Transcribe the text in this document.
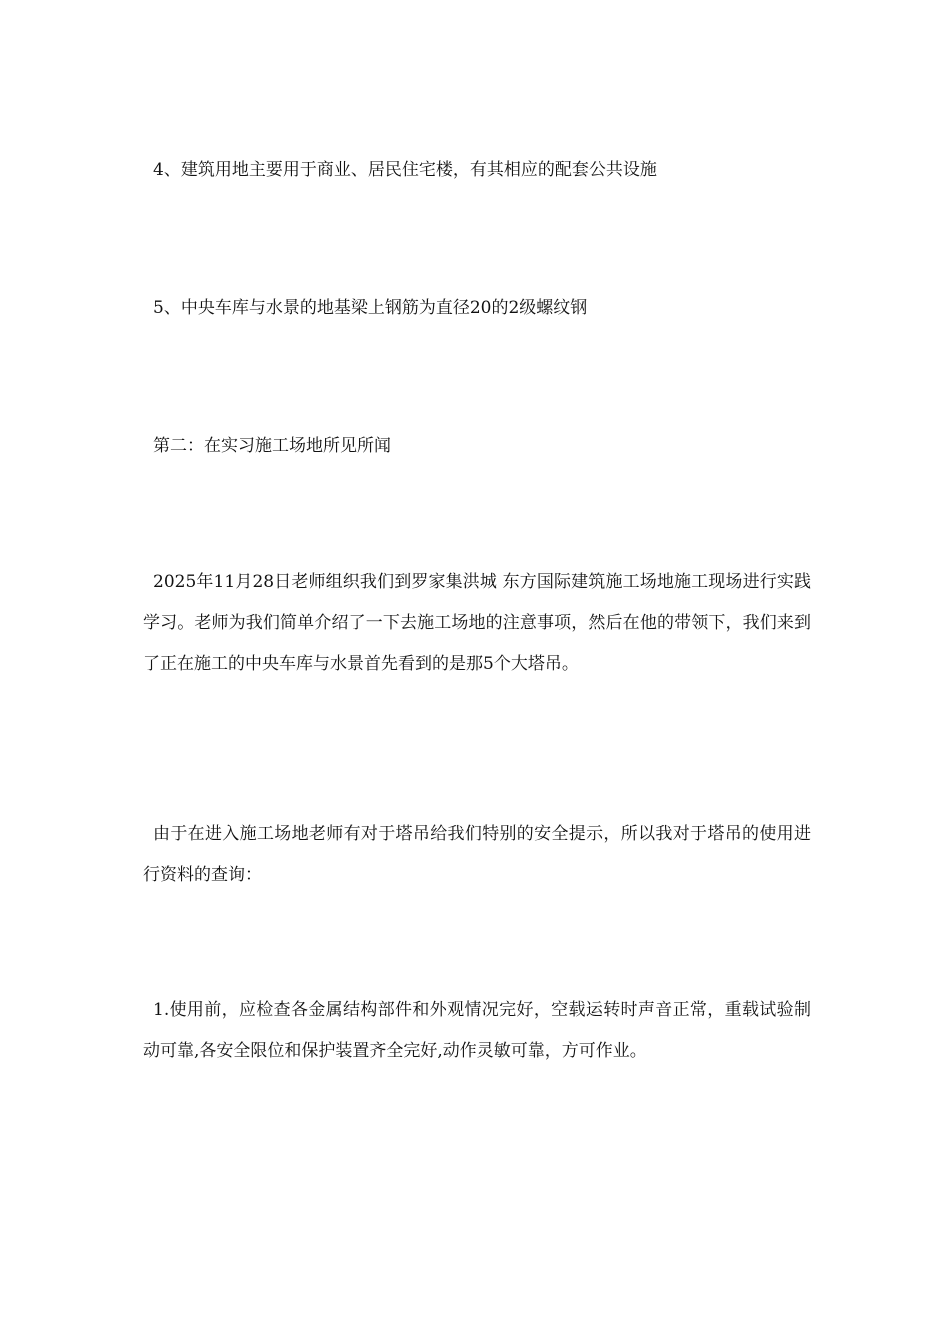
4、建筑用地主要用于商业、居民住宅楼，有其相应的配套公共设施

5、中央车库与水景的地基梁上钢筋为直径20的2级螺纹钢

第二：在实习施工场地所见所闻

2025年11月28日老师组织我们到罗家集洪城 东方国际建筑施工场地施工现场进行实践学习。老师为我们简单介绍了一下去施工场地的注意事项，然后在他的带领下，我们来到了正在施工的中央车库与水景首先看到的是那5个大塔吊。

由于在进入施工场地老师有对于塔吊给我们特别的安全提示，所以我对于塔吊的使用进行资料的查询：

1.使用前，应检查各金属结构部件和外观情况完好，空载运转时声音正常，重载试验制动可靠,各安全限位和保护装置齐全完好,动作灵敏可靠，方可作业。
